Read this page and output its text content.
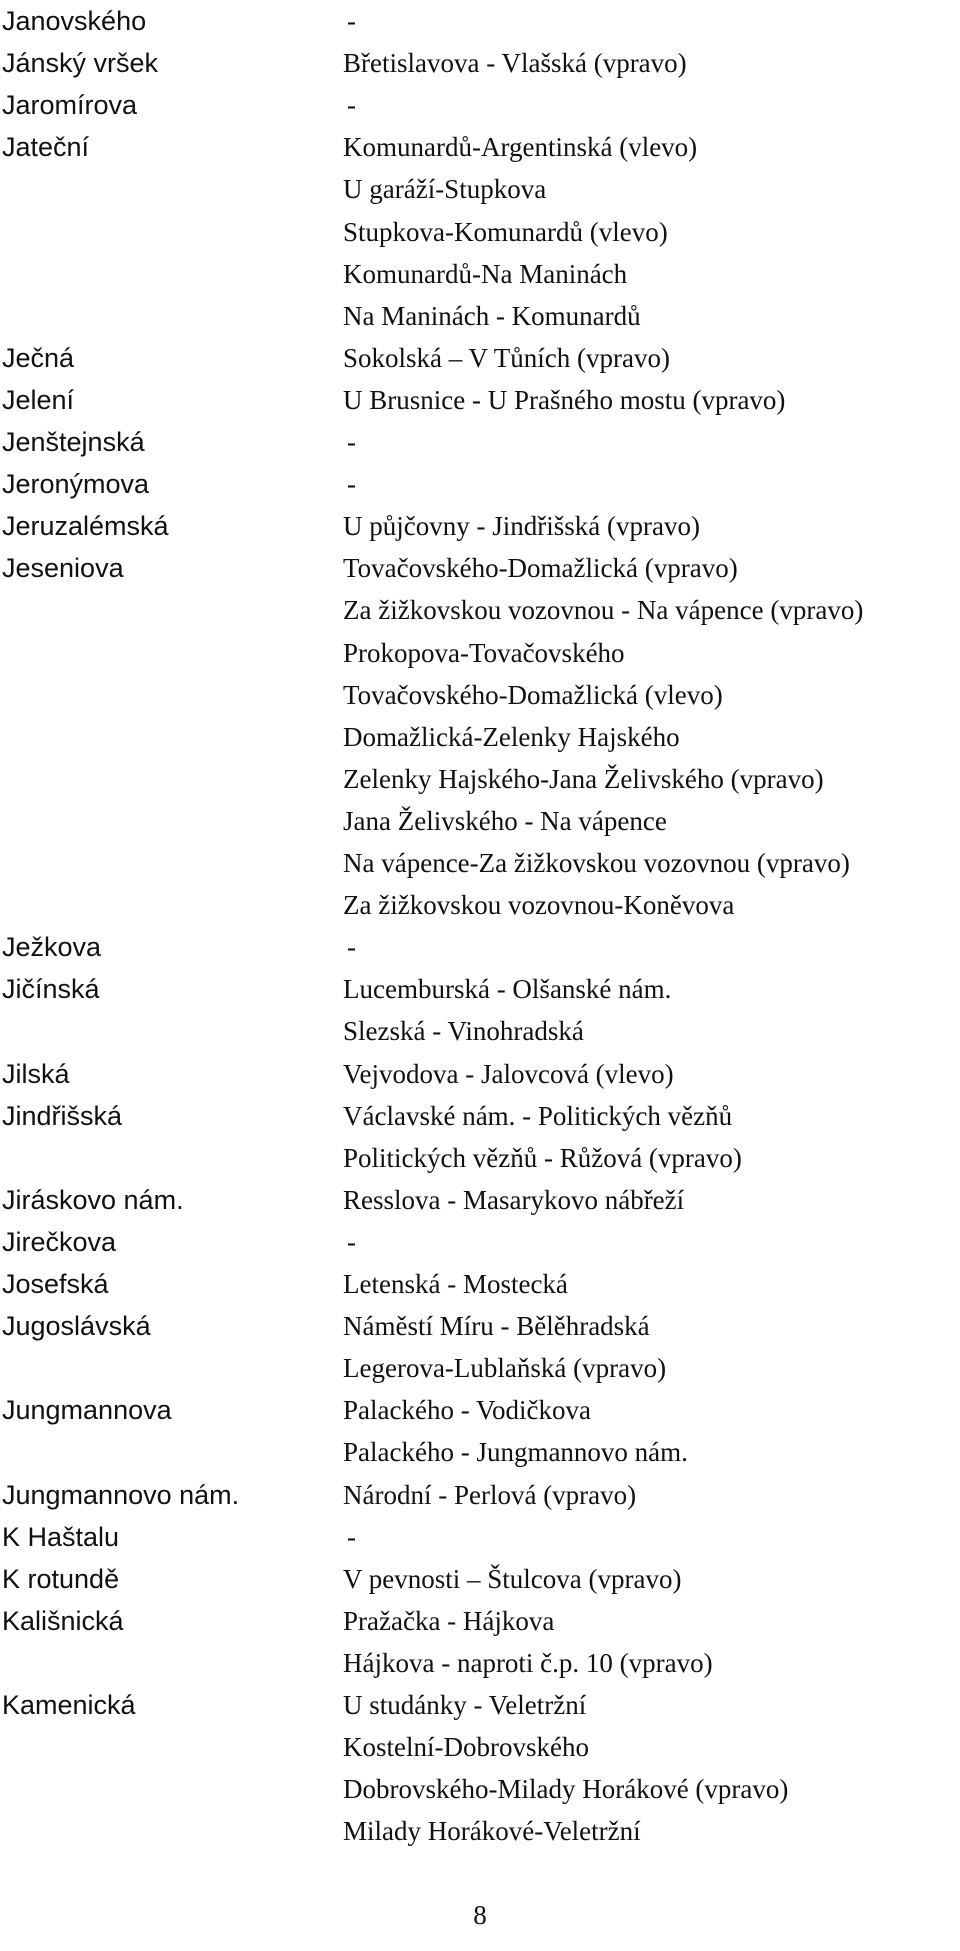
Janovského	-
Jánský vršek	Břetislavova - Vlašská (vpravo)
Jaromírova	-
Jateční	Komunardů-Argentinská (vlevo)
U garáží-Stupkova
Stupkova-Komunardů (vlevo)
Komunardů-Na Maninách
Na Maninách - Komunardů
Ječná	Sokolská – V Tůních (vpravo)
Jelení	U Brusnice - U Prašného mostu (vpravo)
Jenštejnská	-
Jeronýmova	-
Jeruzalémská	U půjčovny - Jindřišská (vpravo)
Jeseniova	Tovačovského-Domažlická (vpravo)
Za žižkovskou vozovnou - Na vápence (vpravo)
Prokopova-Tovačovského
Tovačovského-Domažlická (vlevo)
Domažlická-Zelenky Hajského
Zelenky Hajského-Jana Želivského (vpravo)
Jana Želivského - Na vápence
Na vápence-Za žižkovskou vozovnou (vpravo)
Za žižkovskou vozovnou-Koněvova
Ježkova	-
Jičínská	Lucemburská - Olšanské nám.
Slezská - Vinohradská
Jilská	Vejvodova - Jalovcová (vlevo)
Jindřišská	Václavské nám. - Politických vězňů
Politických vězňů - Růžová (vpravo)
Jiráskovo nám.	Resslova - Masarykovo nábřeží
Jirečkova	-
Josefská	Letenská - Mostecká
Jugoslávská	Náměstí Míru - Bělěhradská
Legerova-Lublaňská (vpravo)
Jungmannova	Palackého - Vodičkova
Palackého - Jungmannovo nám.
Jungmannovo nám.	Národní - Perlová (vpravo)
K Haštalu	-
K rotundě	V pevnosti – Štulcova (vpravo)
Kališnická	Pražačka - Hájkova
Hájkova - naproti č.p. 10 (vpravo)
Kamenická	U studánky - Veletržní
Kostelní-Dobrovského
Dobrovského-Milady Horákové (vpravo)
Milady Horákové-Veletržní
8
